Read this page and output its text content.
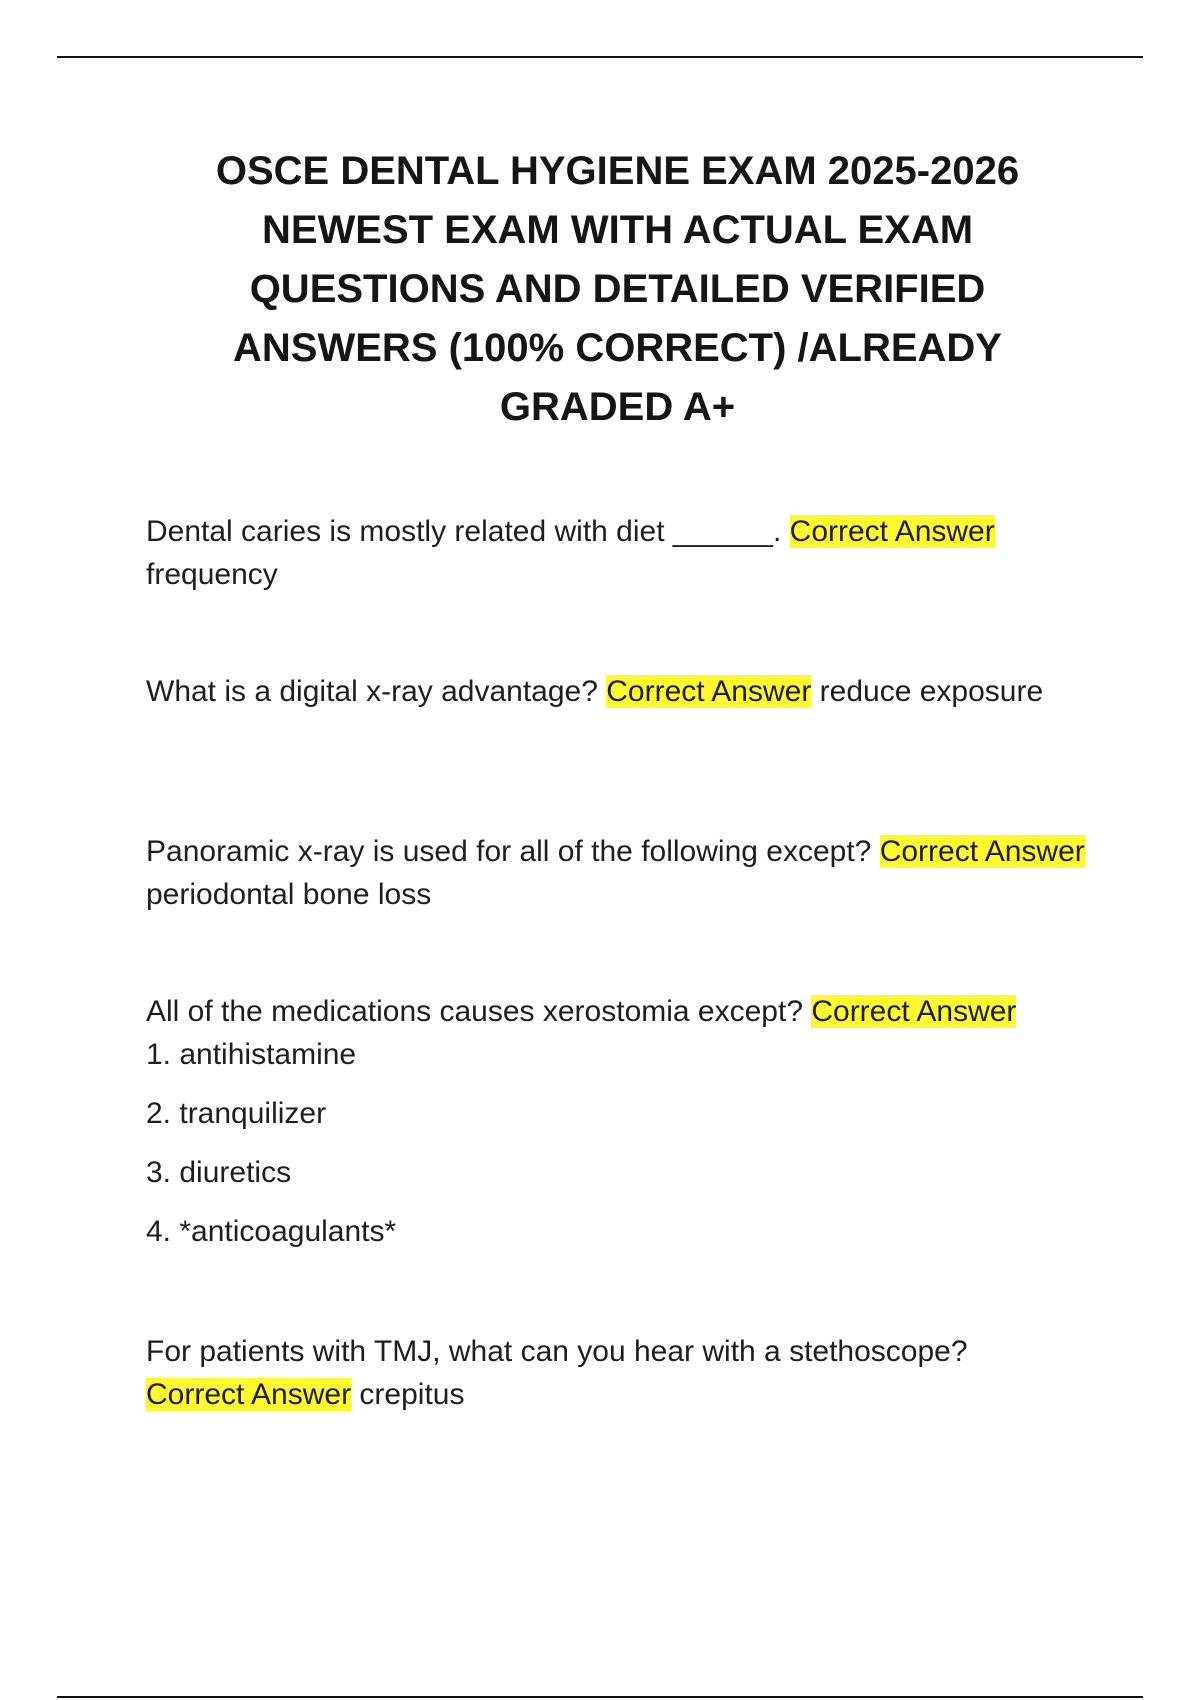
OSCE DENTAL HYGIENE EXAM 2025-2026
NEWEST EXAM WITH ACTUAL EXAM
QUESTIONS AND DETAILED VERIFIED
ANSWERS (100% CORRECT) /ALREADY
GRADED A+

Dental caries is mostly related with diet ______. Correct Answer
frequency

What is a digital x-ray advantage? Correct Answer reduce exposure

Panoramic x-ray is used for all of the following except? Correct Answer periodontal bone loss

All of the medications causes xerostomia except? Correct Answer

1. antihistamine
2. tranquilizer
3. diuretics
4. *anticoagulants*

For patients with TMJ, what can you hear with a stethoscope?
Correct Answer crepitus
